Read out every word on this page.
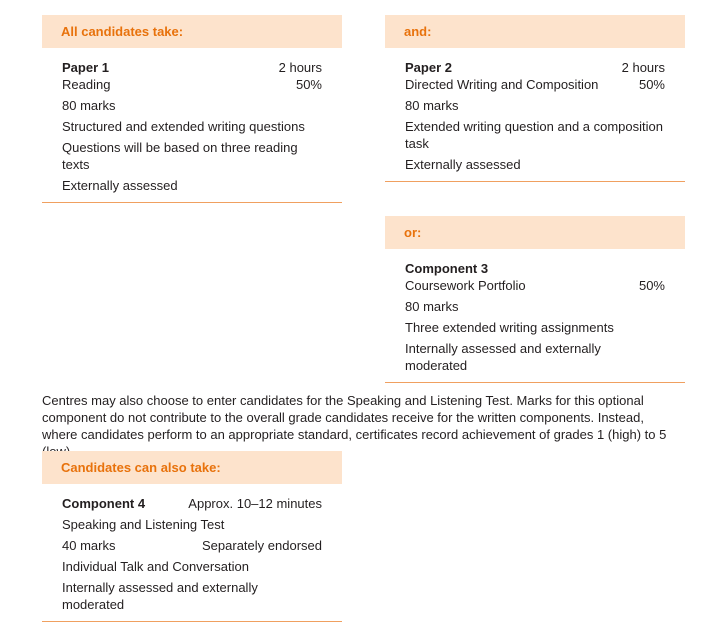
All candidates take:
Paper 1	2 hours
Reading	50%
80 marks
Structured and extended writing questions
Questions will be based on three reading texts
Externally assessed
and:
Paper 2	2 hours
Directed Writing and Composition	50%
80 marks
Extended writing question and a composition task
Externally assessed
or:
Component 3
Coursework Portfolio	50%
80 marks
Three extended writing assignments
Internally assessed and externally moderated

Centres may also choose to enter candidates for the Speaking and Listening Test. Marks for this optional component do not contribute to the overall grade candidates receive for the written components. Instead, where candidates perform to an appropriate standard, certificates record achievement of grades 1 (high) to 5

Candidates can also take:
Component 4	Approx. 10–12 minutes
Speaking and Listening Test
40 marks	Separately endorsed
Individual Talk and Conversation
Internally assessed and externally moderated
